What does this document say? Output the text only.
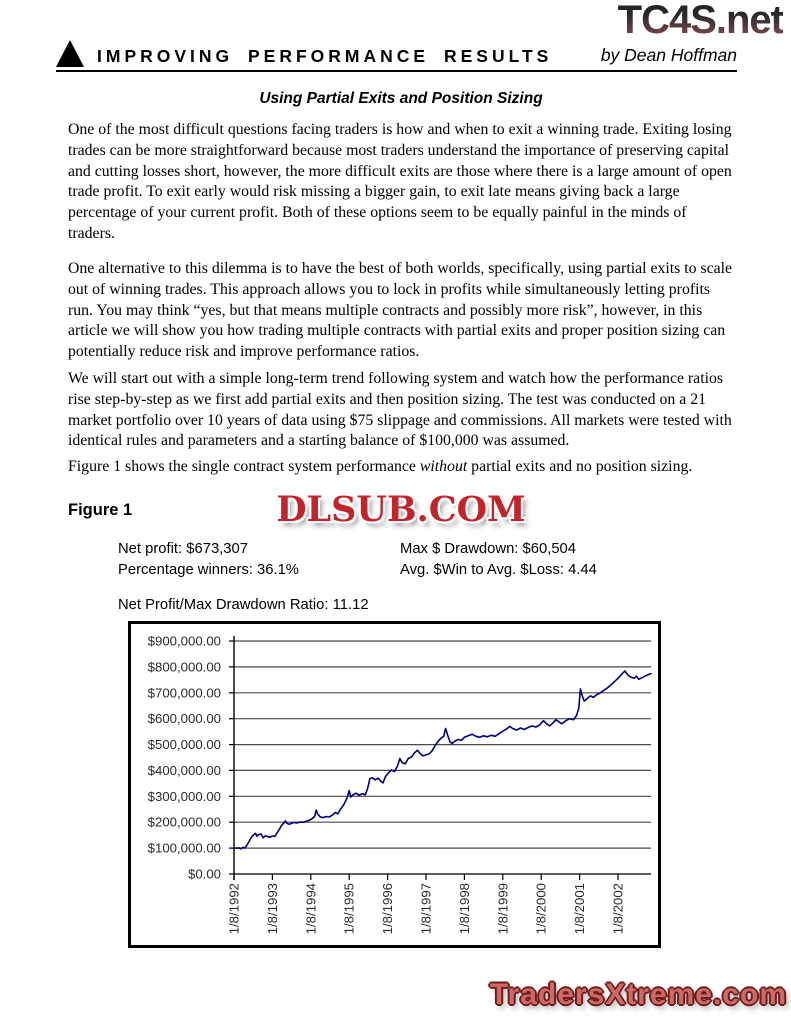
TC4S.net
IMPROVING PERFORMANCE RESULTS	by Dean Hoffman
Using Partial Exits and Position Sizing

One of the most difficult questions facing traders is how and when to exit a winning trade. Exiting losing trades can be more straightforward because most traders understand the importance of preserving capital and cutting losses short, however, the more difficult exits are those where there is a large amount of open trade profit. To exit early would risk missing a bigger gain, to exit late means giving back a large percentage of your current profit. Both of these options seem to be equally painful in the minds of traders.

One alternative to this dilemma is to have the best of both worlds, specifically, using partial exits to scale out of winning trades. This approach allows you to lock in profits while simultaneously letting profits run. You may think “yes, but that means multiple contracts and possibly more risk”, however, in this article we will show you how trading multiple contracts with partial exits and proper position sizing can potentially reduce risk and improve performance ratios.

We will start out with a simple long-term trend following system and watch how the performance ratios rise step-by-step as we first add partial exits and then position sizing. The test was conducted on a 21 market portfolio over 10 years of data using $75 slippage and commissions. All markets were tested with identical rules and parameters and a starting balance of $100,000 was assumed.

Figure 1 shows the single contract system performance without partial exits and no position sizing.

Figure 1	DLSUB.COM
Net profit: $673,307	Max $ Drawdown: $60,504
Percentage winners: 36.1%	Avg. $Win to Avg. $Loss: 4.44
Net Profit/Max Drawdown Ratio: 11.12
$0.00
$100,000.00
$200,000.00
$300,000.00
$400,000.00
$500,000.00
$600,000.00
$700,000.00
$800,000.00
$900,000.00
1/8/1992 1/8/1993 1/8/1994 1/8/1995 1/8/1996 1/8/1997 1/8/1998 1/8/1999 1/8/2000 1/8/2001 1/8/2002
TradersXtreme.com
